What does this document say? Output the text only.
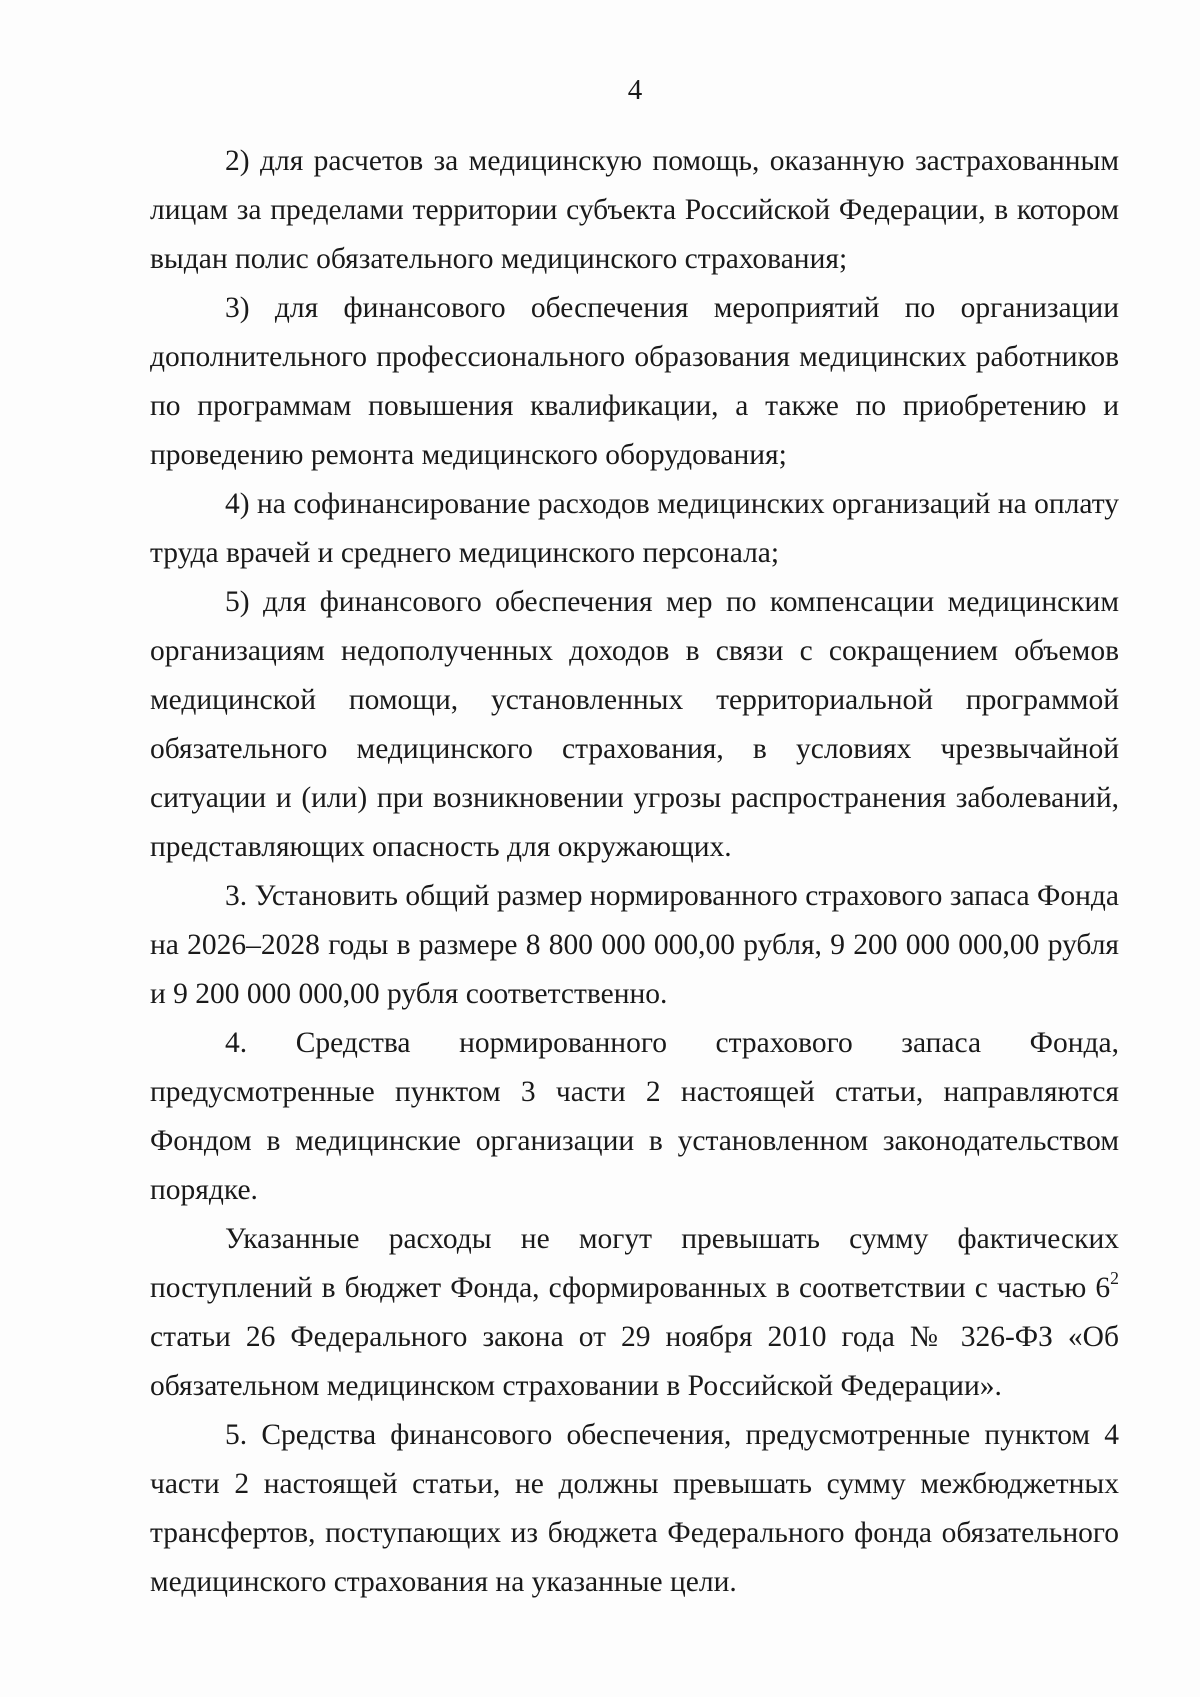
4

2) для расчетов за медицинскую помощь, оказанную застрахованным лицам за пределами территории субъекта Российской Федерации, в котором выдан полис обязательного медицинского страхования;

3) для финансового обеспечения мероприятий по организации дополнительного профессионального образования медицинских работников по программам повышения квалификации, а также по приобретению и проведению ремонта медицинского оборудования;

4) на софинансирование расходов медицинских организаций на оплату труда врачей и среднего медицинского персонала;

5) для финансового обеспечения мер по компенсации медицинским организациям недополученных доходов в связи с сокращением объемов медицинской помощи, установленных территориальной программой обязательного медицинского страхования, в условиях чрезвычайной ситуации и (или) при возникновении угрозы распространения заболеваний, представляющих опасность для окружающих.

3. Установить общий размер нормированного страхового запаса Фонда на 2026–2028 годы в размере 8 800 000 000,00 рубля, 9 200 000 000,00 рубля и 9 200 000 000,00 рубля соответственно.

4. Средства нормированного страхового запаса Фонда, предусмотренные пунктом 3 части 2 настоящей статьи, направляются Фондом в медицинские организации в установленном законодательством порядке.

Указанные расходы не могут превышать сумму фактических поступлений в бюджет Фонда, сформированных в соответствии с частью $6^2$ статьи 26 Федерального закона от 29 ноября 2010 года № 326-ФЗ «Об обязательном медицинском страховании в Российской Федерации».

5. Средства финансового обеспечения, предусмотренные пунктом 4 части 2 настоящей статьи, не должны превышать сумму межбюджетных трансфертов, поступающих из бюджета Федерального фонда обязательного медицинского страхования на указанные цели.
